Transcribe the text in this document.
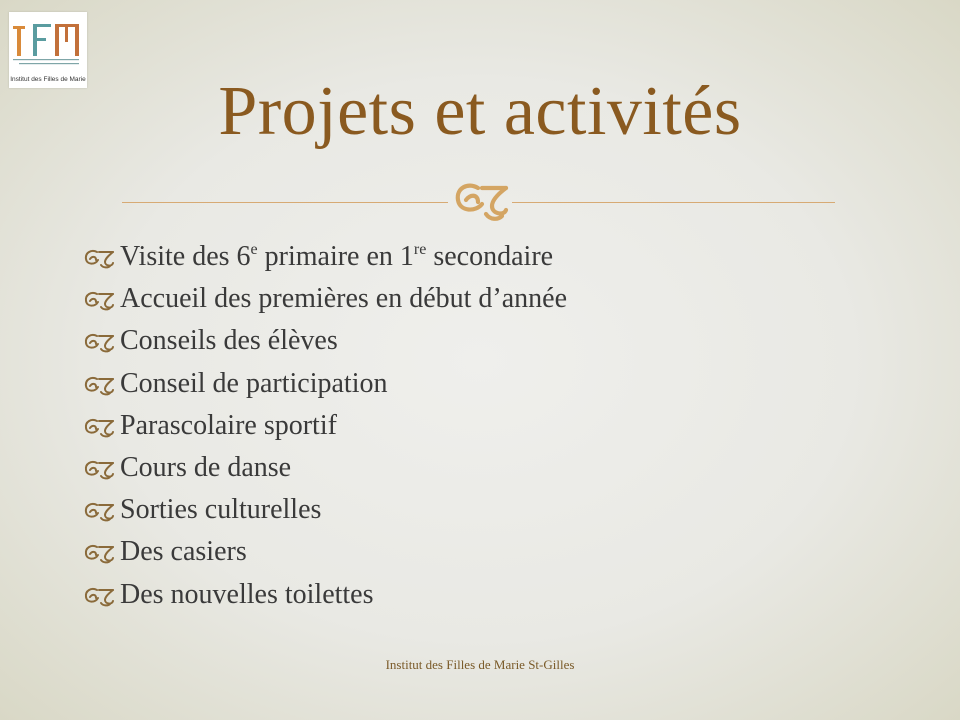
Institut des Filles de Marie	Projets et activités
Visite des 6e primaire en 1re secondaire
Accueil des premières en début d’année
Conseils des élèves
Conseil de participation
Parascolaire sportif
Cours de danse
Sorties culturelles
Des casiers
Des nouvelles toilettes
Institut des Filles de Marie St-Gilles
